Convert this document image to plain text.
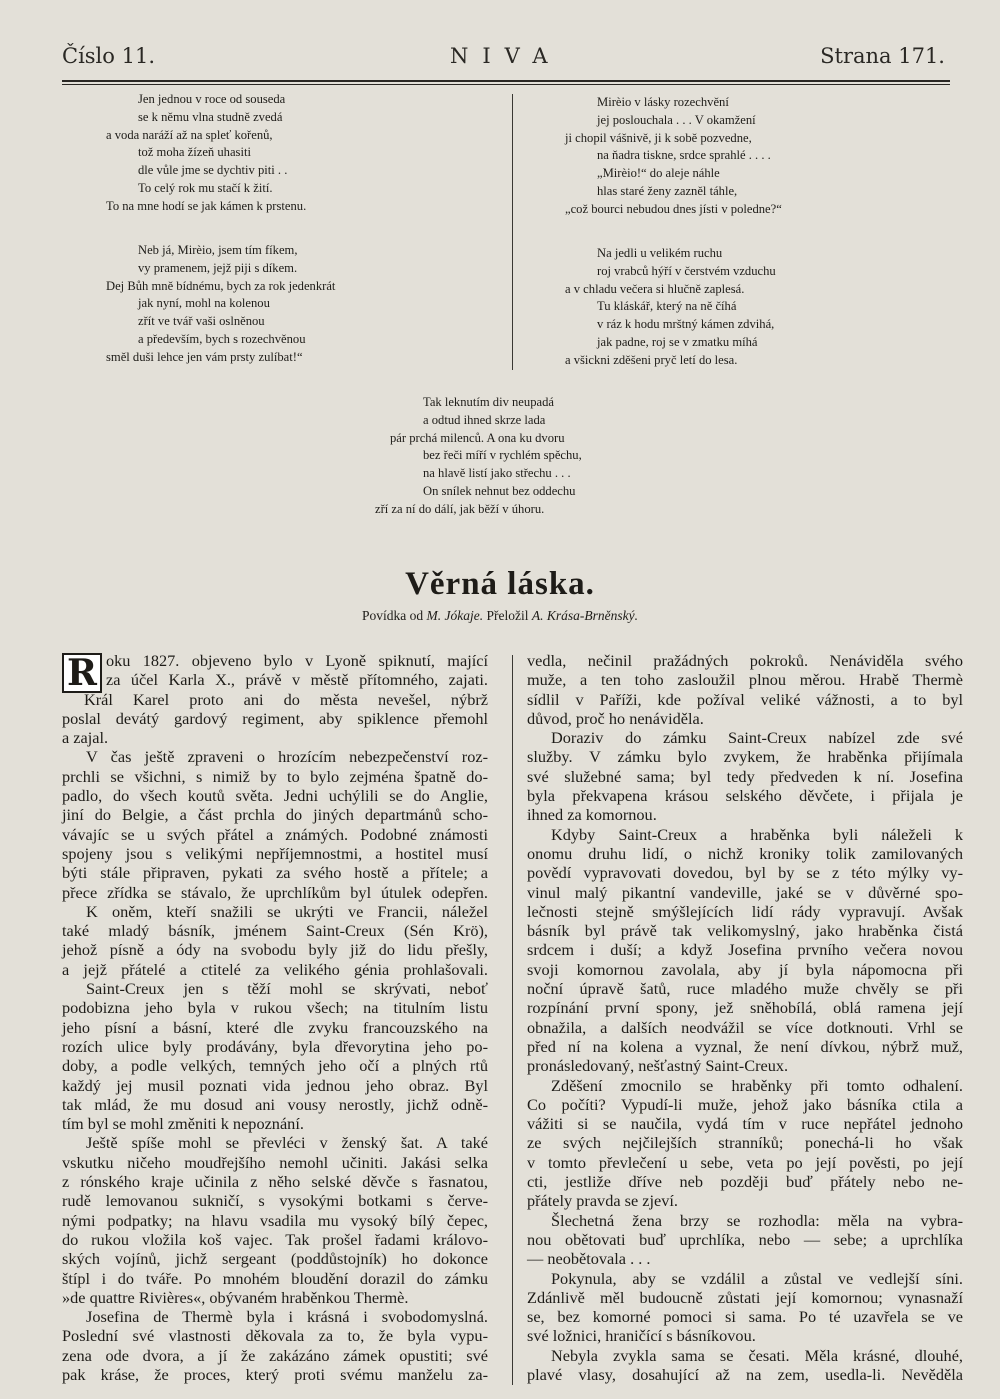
Číslo 11.	NIVA	Strana 171.
Jen jednou v roce od souseda
se k němu vlna studně zvedá
a voda naráží až na spleť kořenů,
tož moha žízeň uhasiti
dle vůle jme se dychtiv piti . .
To celý rok mu stačí k žití.
To na mne hodí se jak kámen k prstenu.
Neb já, Mirèio, jsem tím fíkem,
vy pramenem, jejž piji s díkem.
Dej Bůh mně bídnému, bych za rok jedenkrát
jak nyní, mohl na kolenou
zřít ve tvář vaši oslněnou
a především, bych s rozechvěnou
směl duši lehce jen vám prsty zulíbat!“
Mirèio v lásky rozechvění
jej poslouchala . . . V okamžení
ji chopil vášnivě, ji k sobě pozvedne,
na ňadra tiskne, srdce sprahlé . . . .
„Mirèio!“ do aleje náhle
hlas staré ženy zazněl táhle,
„což bourci nebudou dnes jísti v poledne?“
Na jedli u velikém ruchu
roj vrabců hýří v čerstvém vzduchu
a v chladu večera si hlučně zaplesá.
Tu kláskář, který na ně číhá
v ráz k hodu mrštný kámen zdvihá,
jak padne, roj se v zmatku míhá
a všickni zděšeni pryč letí do lesa.
Tak leknutím div neupadá
a odtud ihned skrze lada
pár prchá milenců. A ona ku dvoru
bez řeči míří v rychlém spěchu,
na hlavě listí jako střechu . . .
On snílek nehnut bez oddechu
zří za ní do dálí, jak běží v úhoru.
Věrná láska.
Povídka od M. Jókaje. Přeložil A. Krása-Brněnský.
R oku 1827. objeveno bylo v Lyoně spiknutí, mající
za účel Karla X., právě v městě přítomného, zajati.
Král Karel proto ani do města nevešel, nýbrž
poslal devátý gardový regiment, aby spiklence přemohl
a zajal.
V čas ještě zpraveni o hrozícím nebezpečenství roz-
prchli se všichni, s nimiž by to bylo zejména špatně do-
padlo, do všech koutů světa. Jedni uchýlili se do Anglie,
jiní do Belgie, a část prchla do jiných departmánů scho-
vávajíc se u svých přátel a známých. Podobné známosti
spojeny jsou s velikými nepříjemnostmi, a hostitel musí
býti stále připraven, pykati za svého hostě a přítele; a
přece zřídka se stávalo, že uprchlíkům byl útulek odepřen.
K oněm, kteří snažili se ukrýti ve Francii, náležel
také mladý básník, jménem Saint-Creux (Sén Krö),
jehož písně a ódy na svobodu byly již do lidu přešly,
a jejž přátelé a ctitelé za velikého génia prohlašovali.
Saint-Creux jen s těží mohl se skrývati, neboť
podobizna jeho byla v rukou všech; na titulním listu
jeho písní a básní, které dle zvyku francouzského na
rozích ulice byly prodávány, byla dřevorytina jeho po-
doby, a podle velkých, temných jeho očí a plných rtů
každý jej musil poznati vida jednou jeho obraz. Byl
tak mlád, že mu dosud ani vousy nerostly, jichž odně-
tím byl se mohl změniti k nepoznání.
Ještě spíše mohl se převléci v ženský šat. A také
vskutku ničeho moudřejšího nemohl učiniti. Jakási selka
z rónského kraje učinila z něho selské děvče s řasnatou,
rudě lemovanou sukničí, s vysokými botkami s červe-
nými podpatky; na hlavu vsadila mu vysoký bílý čepec,
do rukou vložila koš vajec. Tak prošel řadami královo-
ských vojínů, jichž sergeant (poddůstojník) ho dokonce
štípl i do tváře. Po mnohém bloudění dorazil do zámku
»de quattre Rivières«, obývaném hraběnkou Thermè.
Josefina de Thermè byla i krásná i svobodomyslná.
Poslední své vlastnosti děkovala za to, že byla vypu-
zena ode dvora, a jí že zakázáno zámek opustiti; své
pak kráse, že proces, který proti svému manželu za-
vedla, nečinil pražádných pokroků. Nenáviděla svého
muže, a ten toho zasloužil plnou měrou. Hrabě Thermè
sídlil v Paříži, kde požíval veliké vážnosti, a to byl
důvod, proč ho nenáviděla.
Doraziv do zámku Saint-Creux nabízel zde své
služby. V zámku bylo zvykem, že hraběnka přijímala
své služebné sama; byl tedy předveden k ní. Josefina
byla překvapena krásou selského děvčete, i přijala je
ihned za komornou.
Kdyby Saint-Creux a hraběnka byli náleželi k
onomu druhu lidí, o nichž kroniky tolik zamilovaných
povědí vypravovati dovedou, byl by se z této mýlky vy-
vinul malý pikantní vandeville, jaké se v důvěrné spo-
lečnosti stejně smýšlejících lidí rády vypravují. Avšak
básník byl právě tak velikomyslný, jako hraběnka čistá
srdcem i duší; a když Josefina prvního večera novou
svoji komornou zavolala, aby jí byla nápomocna při
noční úpravě šatů, ruce mladého muže chvěly se při
rozpínání první spony, jež sněhobílá, oblá ramena její
obnažila, a dalších neodvážil se více dotknouti. Vrhl se
před ní na kolena a vyznal, že není dívkou, nýbrž muž,
pronásledovaný, nešťastný Saint-Creux.
Zděšení zmocnilo se hraběnky při tomto odhalení.
Co počíti? Vypudí-li muže, jehož jako básníka ctila a
vážiti si se naučila, vydá tím v ruce nepřátel jednoho
ze svých nejčilejších stranníků; ponechá-li ho však
v tomto převlečení u sebe, veta po její pověsti, po její
cti, jestliže dříve neb později buď přátely nebo ne-
přátely pravda se zjeví.
Šlechetná žena brzy se rozhodla: měla na vybra-
nou obětovati buď uprchlíka, nebo — sebe; a uprchlíka
— neobětovala . . .
Pokynula, aby se vzdálil a zůstal ve vedlejší síni.
Zdánlivě měl budoucně zůstati její komornou; vynasnaží
se, bez komorné pomoci si sama. Po té uzavřela se ve
své ložnici, hraničící s básníkovou.
Nebyla zvykla sama se česati. Měla krásné, dlouhé,
plavé vlasy, dosahující až na zem, usedla-li. Nevěděla
